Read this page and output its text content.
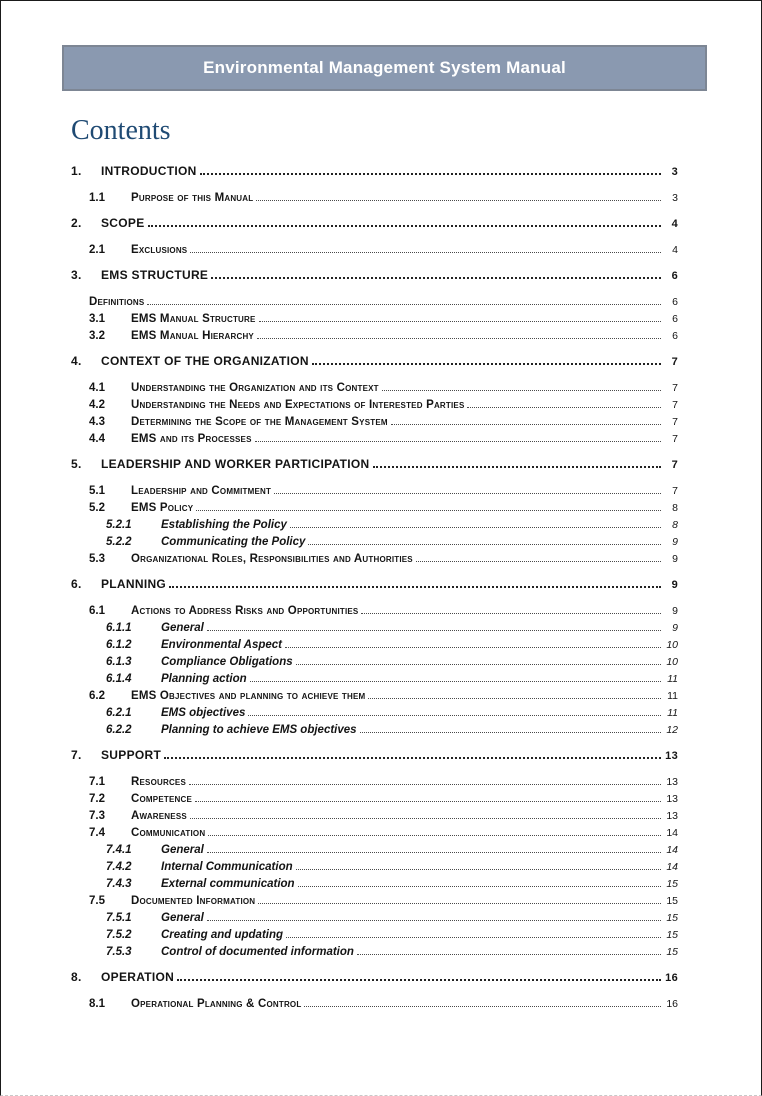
Environmental Management System Manual
Contents
1.	INTRODUCTION	3
1.1	Purpose of this Manual	3
2.	SCOPE	4
2.1	Exclusions	4
3.	EMS STRUCTURE	6
Definitions	6
3.1	EMS Manual Structure	6
3.2	EMS Manual Hierarchy	6
4.	CONTEXT OF THE ORGANIZATION	7
4.1	Understanding the Organization and its Context	7
4.2	Understanding the Needs and Expectations of Interested Parties	7
4.3	Determining the Scope of the Management System	7
4.4	EMS and its Processes	7
5.	LEADERSHIP AND WORKER PARTICIPATION	7
5.1	Leadership and Commitment	7
5.2	EMS Policy	8
5.2.1	Establishing the Policy	8
5.2.2	Communicating the Policy	9
5.3	Organizational Roles, Responsibilities and Authorities	9
6.	PLANNING	9
6.1	Actions to Address Risks and Opportunities	9
6.1.1	General	9
6.1.2	Environmental Aspect	10
6.1.3	Compliance Obligations	10
6.1.4	Planning action	11
6.2	EMS Objectives and planning to achieve them	11
6.2.1	EMS objectives	11
6.2.2	Planning to achieve EMS objectives	12
7.	SUPPORT	13
7.1	Resources	13
7.2	Competence	13
7.3	Awareness	13
7.4	Communication	14
7.4.1	General	14
7.4.2	Internal Communication	14
7.4.3	External communication	15
7.5	Documented Information	15
7.5.1	General	15
7.5.2	Creating and updating	15
7.5.3	Control of documented information	15
8.	OPERATION	16
8.1	Operational Planning & Control	16
